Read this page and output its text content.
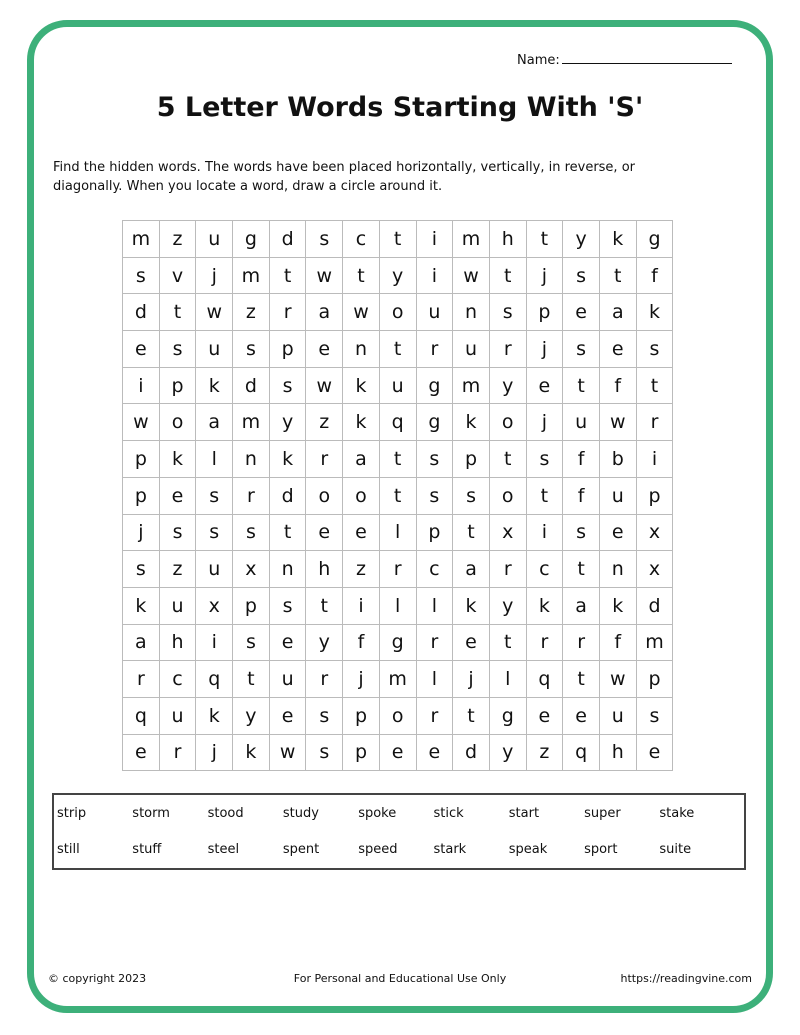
Name:
5 Letter Words Starting With 'S'
Find the hidden words. The words have been placed horizontally, vertically, in reverse, or diagonally. When you locate a word, draw a circle around it.
m	z	u	g	d	s	c	t	i	m	h	t	y	k	g
s	v	j	m	t	w	t	y	i	w	t	j	s	t	f
d	t	w	z	r	a	w	o	u	n	s	p	e	a	k
e	s	u	s	p	e	n	t	r	u	r	j	s	e	s
i	p	k	d	s	w	k	u	g	m	y	e	t	f	t
w	o	a	m	y	z	k	q	g	k	o	j	u	w	r
p	k	l	n	k	r	a	t	s	p	t	s	f	b	i
p	e	s	r	d	o	o	t	s	s	o	t	f	u	p
j	s	s	s	t	e	e	l	p	t	x	i	s	e	x
s	z	u	x	n	h	z	r	c	a	r	c	t	n	x
k	u	x	p	s	t	i	l	l	k	y	k	a	k	d
a	h	i	s	e	y	f	g	r	e	t	r	r	f	m
r	c	q	t	u	r	j	m	l	j	l	q	t	w	p
q	u	k	y	e	s	p	o	r	t	g	e	e	u	s
e	r	j	k	w	s	p	e	e	d	y	z	q	h	e
strip	storm	stood	study	spoke	stick	start	super	stake
still	stuff	steel	spent	speed	stark	speak	sport	suite
© copyright 2023	For Personal and Educational Use Only	https://readingvine.com
